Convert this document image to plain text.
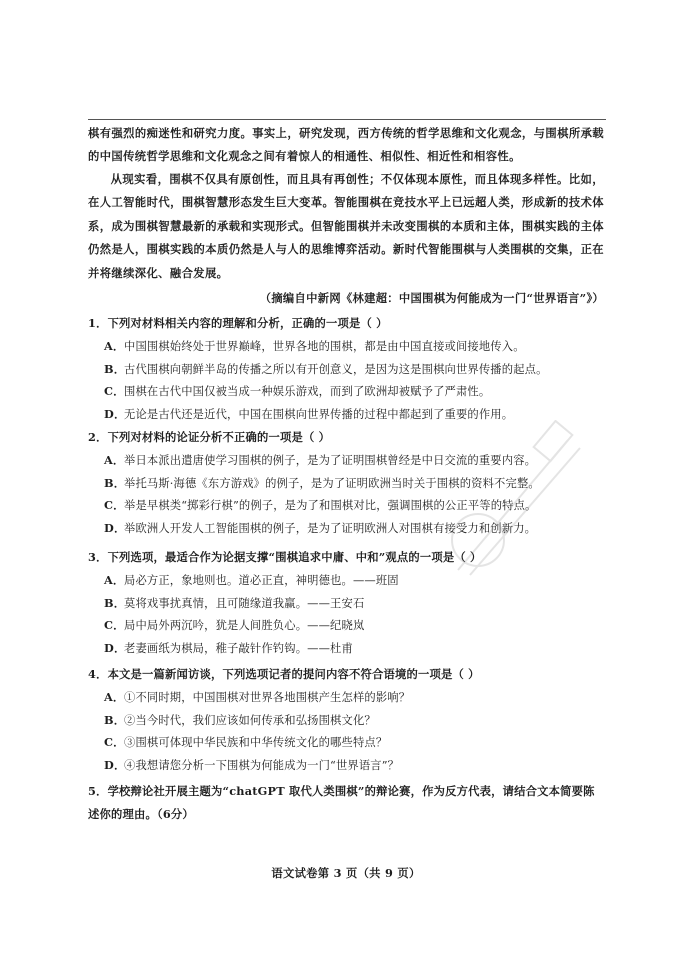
棋有强烈的痴迷性和研究力度。事实上，研究发现，西方传统的哲学思维和文化观念，与围棋所承载的中国传统哲学思维和文化观念之间有着惊人的相通性、相似性、相近性和相容性。
从现实看，围棋不仅具有原创性，而且具有再创性；不仅体现本原性，而且体现多样性。比如，在人工智能时代，围棋智慧形态发生巨大变革。智能围棋在竞技水平上已远超人类，形成新的技术体系，成为围棋智慧最新的承载和实现形式。但智能围棋并未改变围棋的本质和主体，围棋实践的主体仍然是人，围棋实践的本质仍然是人与人的思维博弈活动。新时代智能围棋与人类围棋的交集，正在并将继续深化、融合发展。
（摘编自中新网《林建超：中国围棋为何能成为一门“世界语言”》）
1．下列对材料相关内容的理解和分析，正确的一项是（ ）
A．中国围棋始终处于世界巅峰，世界各地的围棋，都是由中国直接或间接地传入。
B．古代围棋向朝鲜半岛的传播之所以有开创意义，是因为这是围棋向世界传播的起点。
C．围棋在古代中国仅被当成一种娱乐游戏，而到了欧洲却被赋予了严肃性。
D．无论是古代还是近代，中国在围棋向世界传播的过程中都起到了重要的作用。
2．下列对材料的论证分析不正确的一项是（ ）
A．举日本派出遣唐使学习围棋的例子，是为了证明围棋曾经是中日交流的重要内容。
B．举托马斯·海德《东方游戏》的例子，是为了证明欧洲当时关于围棋的资料不完整。
C．举是早棋类“掷彩行棋”的例子，是为了和围棋对比，强调围棋的公正平等的特点。
D．举欧洲人开发人工智能围棋的例子，是为了证明欧洲人对围棋有接受力和创新力。
3．下列选项，最适合作为论据支撑“围棋追求中庸、中和”观点的一项是（ ）
A．局必方正，象地则也。道必正直，神明德也。——班固
B．莫将戏事扰真情，且可随缘道我赢。——王安石
C．局中局外两沉吟，犹是人间胜负心。——纪晓岚
D．老妻画纸为棋局，稚子敲针作钓钩。——杜甫
4．本文是一篇新闻访谈，下列选项记者的提问内容不符合语境的一项是（ ）
A．①不同时期，中国围棋对世界各地围棋产生怎样的影响？
B．②当今时代，我们应该如何传承和弘扬围棋文化？
C．③围棋可体现中华民族和中华传统文化的哪些特点？
D．④我想请您分析一下围棋为何能成为一门“世界语言”？
5．学校辩论社开展主题为“chatGPT 取代人类围棋”的辩论赛，作为反方代表，请结合文本简要陈述你的理由。（6分）
语文试卷第 3 页（共 9 页）
